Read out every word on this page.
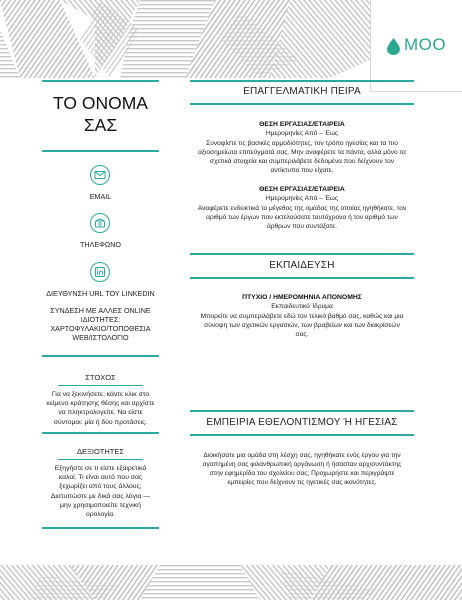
MOO
ΤΟ ΟΝΟΜΑ
ΣΑΣ
EMAIL
ΤΗΛΕΦΩΝΟ
ΔΙΕΥΘΥΝΣΗ URL ΤΟΥ LINKEDIN
ΣΥΝΔΕΣΗ ΜΕ ΑΛΛΕΣ ONLINE
ΙΔΙΟΤΗΤΕΣ:
ΧΑΡΤΟΦΥΛΑΚΙΟ/ΤΟΠΟΘΕΣΙΑ
WEB/ΙΣΤΟΛΟΓΙΟ
ΣΤΟΧΟΣ
Για να ξεκινήσετε, κάντε κλικ στο
κείμενο κράτησης θέσης και αρχίστε
να πληκτρολογείτε. Να είστε
σύντομοι: μία ή δύο προτάσεις.
ΔΕΞΙΟΤΗΤΕΣ
Εξηγήστε σε τι είστε εξαιρετικά
καλοί. Τι είναι αυτό που σας
ξεχωρίζει από τους άλλους;
Διατυπώστε με δικά σας λόγια —
μην χρησιμοποιείτε τεχνική
ορολογία.
ΕΠΑΓΓΕΛΜΑΤΙΚΗ ΠΕΙΡΑ
ΘΕΣΗ ΕΡΓΑΣΙΑΣ/ΕΤΑΙΡΕΙΑ
Ημερομηνίες Από – Έως
Συνοψίστε τις βασικές αρμοδιότητες, τον τρόπο ηγεσίας και τα πιο
αξιοσημείωτα επιτεύγματά σας. Μην αναφέρετε τα πάντα, αλλά μόνο τα
σχετικά στοιχεία και συμπεριλάβετε δεδομένα που δείχνουν τον
αντίκτυπο που είχατε.
ΘΕΣΗ ΕΡΓΑΣΙΑΣ/ΕΤΑΙΡΕΙΑ
Ημερομηνίες Από – Έως
Αναφέρετε ενδεικτικά το μέγεθος της ομάδας της οποίας ηγηθήκατε, τον
αριθμό των έργων που εκτελούσατε ταυτόχρονα ή τον αριθμό των
άρθρων που συντάξατε.
ΕΚΠΑΙΔΕΥΣΗ
ΠΤΥΧΙΟ / ΗΜΕΡΟΜΗΝΙΑ ΑΠΟΝΟΜΗΣ
Εκπαιδευτικό Ίδρυμα
Μπορείτε να συμπεριλάβετε εδώ τον τελικό βαθμό σας, καθώς και μια
σύνοψη των σχετικών εργασιών, των βραβείων και των διακρίσεών
σας.
ΕΜΠΕΙΡΙΑ ΕΘΕΛΟΝΤΙΣΜΟΥ Ή ΗΓΕΣΙΑΣ
Διοικήσατε μια ομάδα στη λέσχη σας, ηγηθήκατε ενός έργου για την
αγαπημένη σας φιλανθρωπική οργάνωση ή ήσασταν αρχισυντάκτης
στην εφημερίδα του σχολείου σας; Προχωρήστε και περιγράψτε
εμπειρίες που δείχνουν τις ηγετικές σας ικανότητες.
